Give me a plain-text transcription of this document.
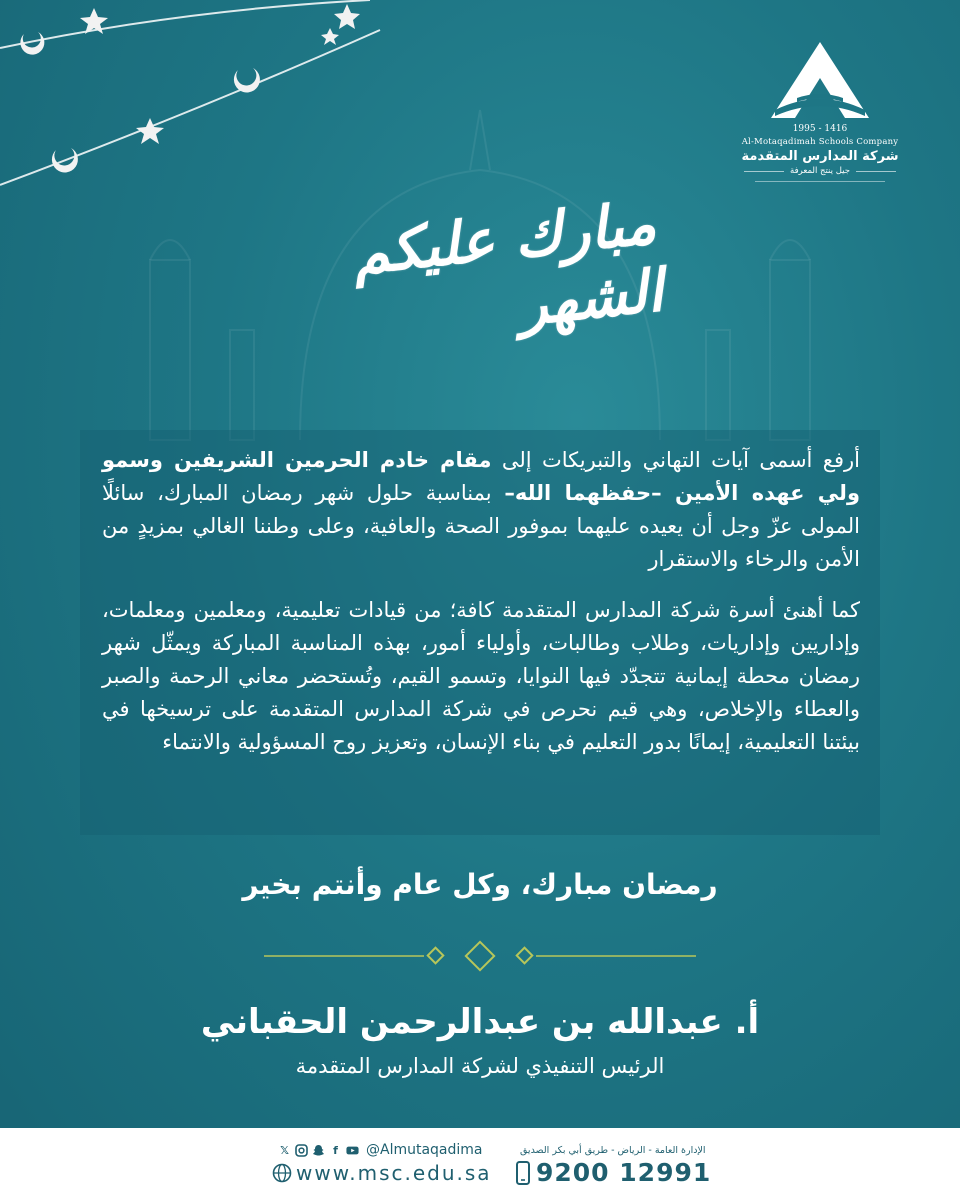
1995 - 1416
Al-Motaqadimah Schools Company
شركة المدارس المتقدمة
جيل ينتج المعرفة
مبارك عليكم الشهر

أرفع أسمى آيات التهاني والتبريكات إلى مقام خادم الحرمين الشريفين وسمو ولي عهده الأمين –حفظهما الله– بمناسبة حلول شهر رمضان المبارك، سائلًا المولى عزّ وجل أن يعيده عليهما بموفور الصحة والعافية، وعلى وطننا الغالي بمزيدٍ من الأمن والرخاء والاستقرار

كما أهنئ أسرة شركة المدارس المتقدمة كافة؛ من قيادات تعليمية، ومعلمين ومعلمات، وإداريين وإداريات، وطلاب وطالبات، وأولياء أمور، بهذه المناسبة المباركة ويمثّل شهر رمضان محطة إيمانية تتجدّد فيها النوايا، وتسمو القيم، وتُستحضر معاني الرحمة والصبر والعطاء والإخلاص، وهي قيم نحرص في شركة المدارس المتقدمة على ترسيخها في بيئتنا التعليمية، إيمانًا بدور التعليم في بناء الإنسان، وتعزيز روح المسؤولية والانتماء

رمضان مبارك، وكل عام وأنتم بخير
أ. عبدالله بن عبدالرحمن الحقباني
الرئيس التنفيذي لشركة المدارس المتقدمة
𝕏	f @Almutaqadima	الإدارة العامة - الرياض - طريق أبي بكر الصديق
www.msc.edu.sa 9200 12991
